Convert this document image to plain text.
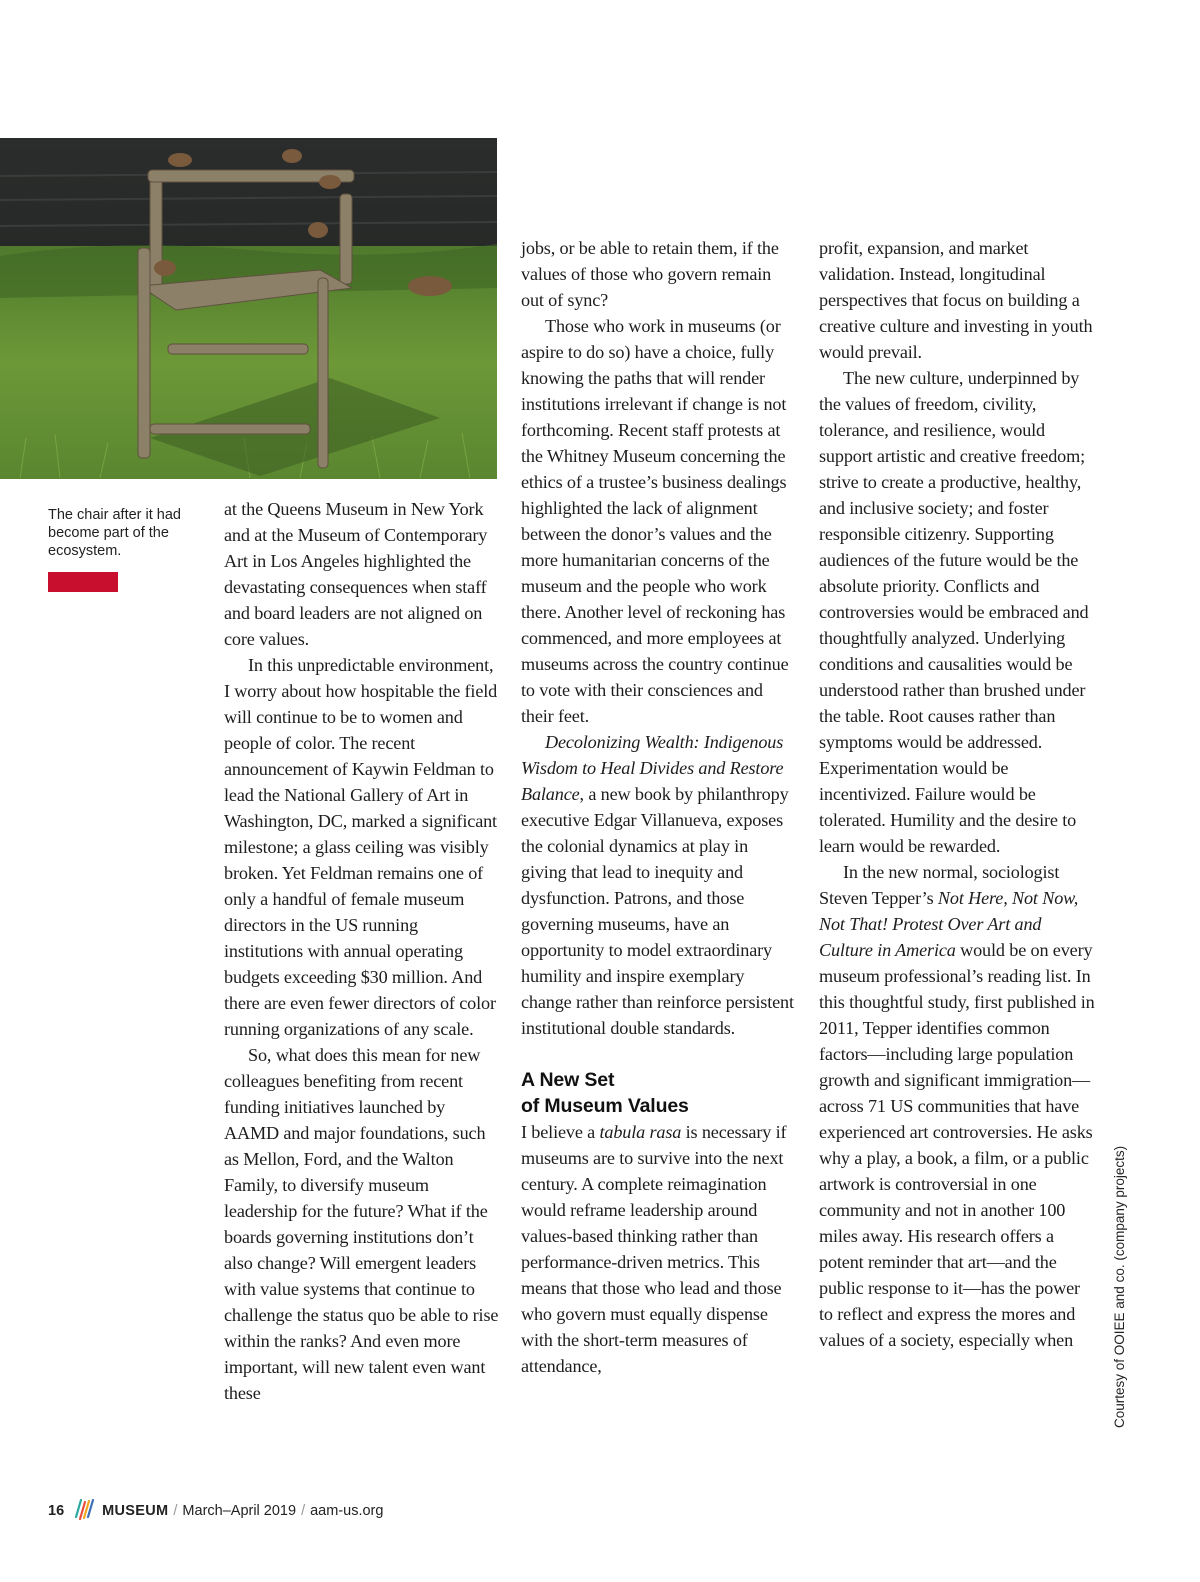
The chair after it had become part of the ecosystem.

at the Queens Museum in New York and at the Museum of Contemporary Art in Los Angeles highlighted the devastating consequences when staff and board leaders are not aligned on core values.

In this unpredictable environment, I worry about how hospitable the field will continue to be to women and people of color. The recent announcement of Kaywin Feldman to lead the National Gallery of Art in Washington, DC, marked a significant milestone; a glass ceiling was visibly broken. Yet Feldman remains one of only a handful of female museum directors in the US running institutions with annual operating budgets exceeding $30 million. And there are even fewer directors of color running organizations of any scale.

So, what does this mean for new colleagues benefiting from recent funding initiatives launched by AAMD and major foundations, such as Mellon, Ford, and the Walton Family, to diversify museum leadership for the future? What if the boards governing institutions don’t also change? Will emergent leaders with value systems that continue to challenge the status quo be able to rise within the ranks? And even more important, will new talent even want these

jobs, or be able to retain them, if the values of those who govern remain out of sync?

Those who work in museums (or aspire to do so) have a choice, fully knowing the paths that will render institutions irrelevant if change is not forthcoming. Recent staff protests at the Whitney Museum concerning the ethics of a trustee’s business dealings highlighted the lack of alignment between the donor’s values and the more humanitarian concerns of the museum and the people who work there. Another level of reckoning has commenced, and more employees at museums across the country continue to vote with their consciences and their feet.

Decolonizing Wealth: Indigenous Wisdom to Heal Divides and Restore Balance, a new book by philanthropy executive Edgar Villanueva, exposes the colonial dynamics at play in giving that lead to inequity and dysfunction. Patrons, and those governing museums, have an opportunity to model extraordinary humility and inspire exemplary change rather than reinforce persistent institutional double standards.

A New Set
of Museum Values

I believe a tabula rasa is necessary if museums are to survive into the next century. A complete reimagination would reframe leadership around values-based thinking rather than performance-driven metrics. This means that those who lead and those who govern must equally dispense with the short-term measures of attendance,

profit, expansion, and market validation. Instead, longitudinal perspectives that focus on building a creative culture and investing in youth would prevail.

The new culture, underpinned by the values of freedom, civility, tolerance, and resilience, would support artistic and creative freedom; strive to create a productive, healthy, and inclusive society; and foster responsible citizenry. Supporting audiences of the future would be the absolute priority. Conflicts and controversies would be embraced and thoughtfully analyzed. Underlying conditions and causalities would be understood rather than brushed under the table. Root causes rather than symptoms would be addressed. Experimentation would be incentivized. Failure would be tolerated. Humility and the desire to learn would be rewarded.

In the new normal, sociologist Steven Tepper’s Not Here, Not Now, Not That! Protest Over Art and Culture in America would be on every museum professional’s reading list. In this thoughtful study, first published in 2011, Tepper identifies common factors—including large population growth and significant immigration—across 71 US communities that have experienced art controversies. He asks why a play, a book, a film, or a public artwork is controversial in one community and not in another 100 miles away. His research offers a potent reminder that art—and the public response to it—has the power to reflect and express the mores and values of a society, especially when	Courtesy of OOIEE and co. (company projects)
16	MUSEUM / March–April 2019 / aam-us.org
